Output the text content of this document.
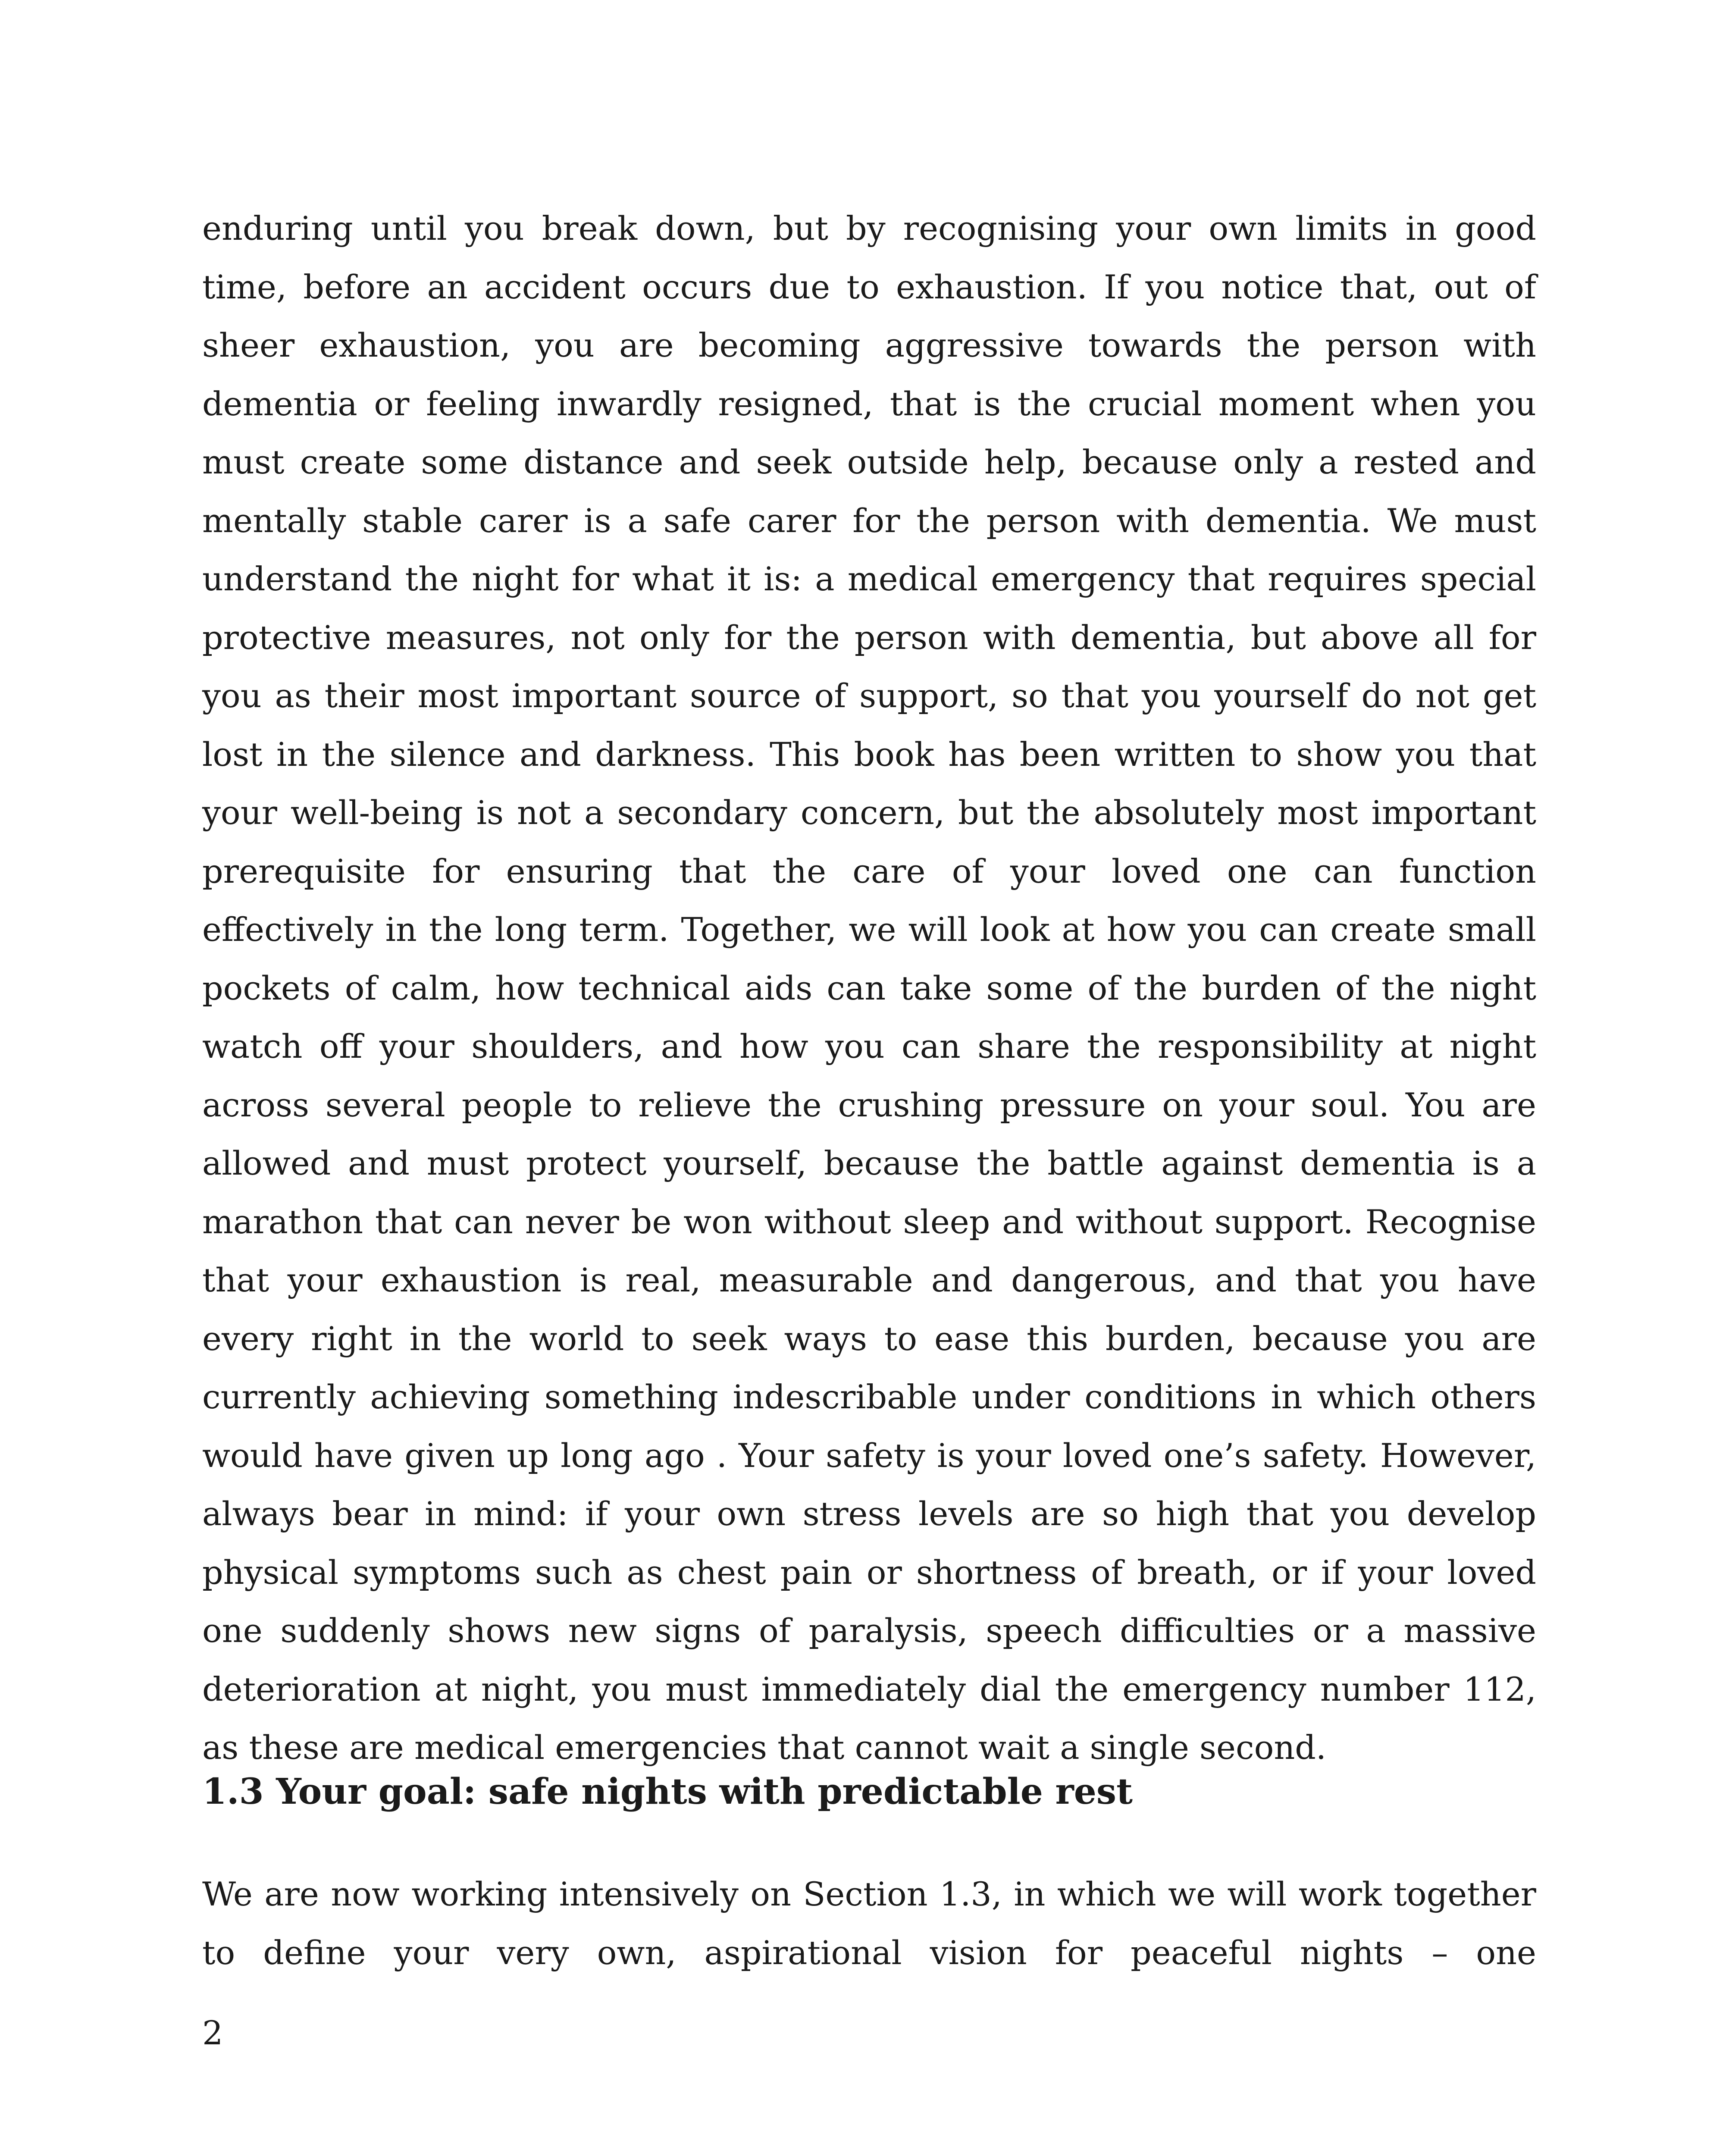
enduring until you break down, but by recognising your own limits in good time, before an accident occurs due to exhaustion. If you notice that, out of sheer exhaustion, you are becoming aggressive towards the person with dementia or feeling inwardly resigned, that is the crucial moment when you must create some distance and seek outside help, because only a rested and mentally stable carer is a safe carer for the person with dementia. We must understand the night for what it is: a medical emergency that requires special protective measures, not only for the person with dementia, but above all for you as their most important source of support, so that you yourself do not get lost in the silence and darkness. This book has been written to show you that your well-being is not a secondary concern, but the absolutely most important prerequisite for ensuring that the care of your loved one can function effectively in the long term. Together, we will look at how you can create small pockets of calm, how technical aids can take some of the burden of the night watch off your shoulders, and how you can share the responsibility at night across several people to relieve the crushing pressure on your soul. You are allowed and must protect yourself, because the battle against dementia is a marathon that can never be won without sleep and without support. Recognise that your exhaustion is real, measurable and dangerous, and that you have every right in the world to seek ways to ease this burden, because you are currently achieving something indescribable under conditions in which others would have given up long ago . Your safety is your loved one’s safety. However, always bear in mind: if your own stress levels are so high that you develop physical symptoms such as chest pain or shortness of breath, or if your loved one suddenly shows new signs of paralysis, speech difficulties or a massive deterioration at night, you must immediately dial the emergency number 112, as these are medical emergencies that cannot wait a single second.

1.3 Your goal: safe nights with predictable rest

We are now working intensively on Section 1.3, in which we will work together to define your very own, aspirational vision for peaceful nights – one

2
